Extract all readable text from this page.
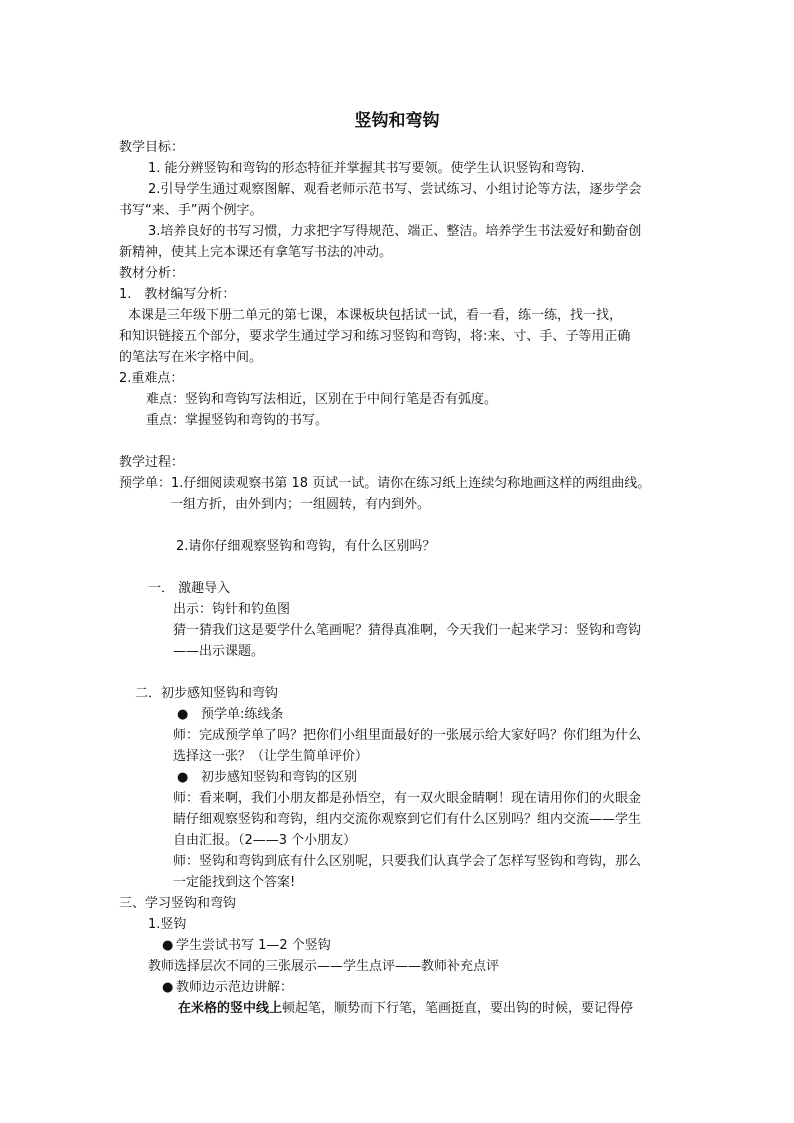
竖钩和弯钩
教学目标：
1. 能分辨竖钩和弯钩的形态特征并掌握其书写要领。使学生认识竖钩和弯钩.
2.引导学生通过观察图解、观看老师示范书写、尝试练习、小组讨论等方法，逐步学会
书写“来、手”两个例字。
3.培养良好的书写习惯，力求把字写得规范、端正、整洁。培养学生书法爱好和勤奋创
新精神，使其上完本课还有拿笔写书法的冲动。
教材分析：
1.　教材编写分析：
本课是三年级下册二单元的第七课，本课板块包括试一试，看一看，练一练，找一找，
和知识链接五个部分，要求学生通过学习和练习竖钩和弯钩，将:来、寸、手、子等用正确
的笔法写在米字格中间。
2.重难点：
难点：竖钩和弯钩写法相近，区别在于中间行笔是否有弧度。
重点：掌握竖钩和弯钩的书写。
教学过程：
预学单：1.仔细阅读观察书第 18 页试一试。请你在练习纸上连续匀称地画这样的两组曲线。
一组方折，由外到内；一组圆转，有内到外。
2.请你仔细观察竖钩和弯钩，有什么区别吗？
一． 激趣导入
出示：钩针和钓鱼图
猜一猜我们这是要学什么笔画呢？猜得真准啊，今天我们一起来学习：竖钩和弯钩
——出示课题。
二．初步感知竖钩和弯钩
● 预学单:练线条
师：完成预学单了吗？把你们小组里面最好的一张展示给大家好吗？你们组为什么
选择这一张？（让学生简单评价）
● 初步感知竖钩和弯钩的区别
师：看来啊，我们小朋友都是孙悟空，有一双火眼金睛啊！现在请用你们的火眼金
睛仔细观察竖钩和弯钩，组内交流你观察到它们有什么区别吗？组内交流——学生
自由汇报。（2——3 个小朋友）
师：竖钩和弯钩到底有什么区别呢，只要我们认真学会了怎样写竖钩和弯钩，那么
一定能找到这个答案!
三、学习竖钩和弯钩
1.竖钩
● 学生尝试书写 1—2 个竖钩
教师选择层次不同的三张展示——学生点评——教师补充点评
● 教师边示范边讲解：
在米格的竖中线上顿起笔，顺势而下行笔，笔画挺直，要出钩的时候，要记得停
